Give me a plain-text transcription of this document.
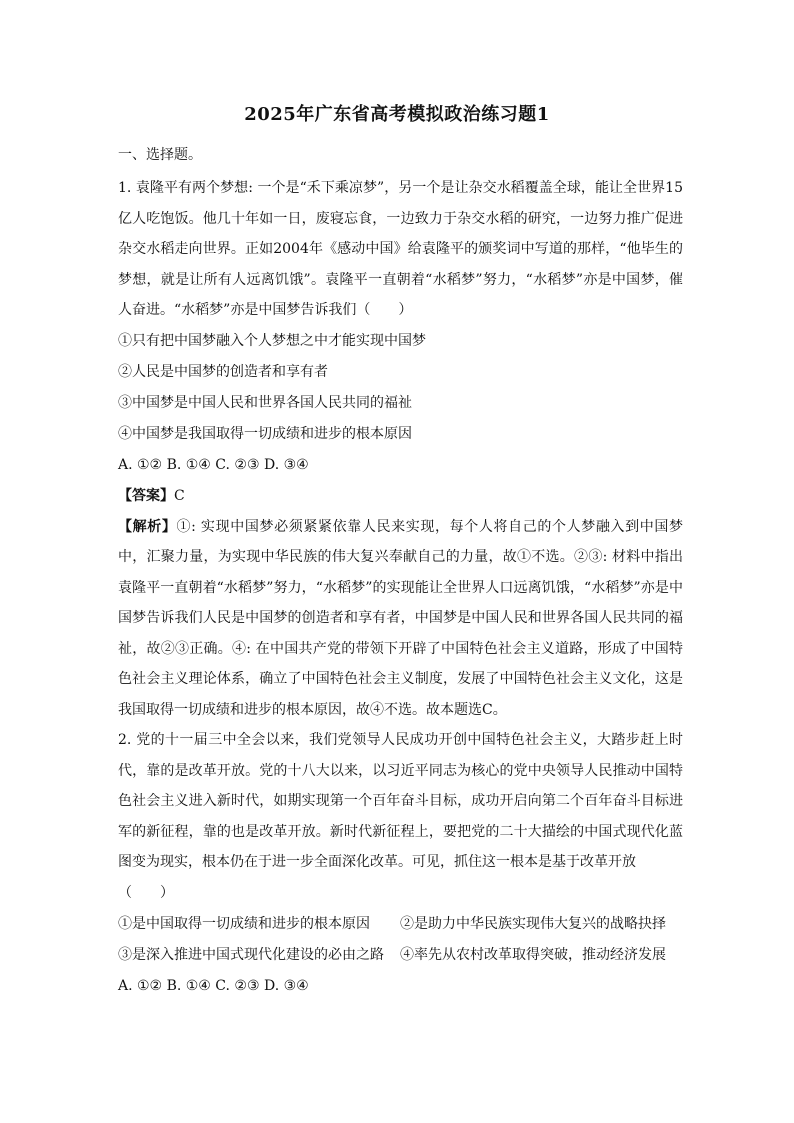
2025年广东省高考模拟政治练习题1

一、选择题。

1. 袁隆平有两个梦想: 一个是“禾下乘凉梦”，另一个是让杂交水稻覆盖全球，能让全世界15亿人吃饱饭。他几十年如一日，废寝忘食，一边致力于杂交水稻的研究，一边努力推广促进杂交水稻走向世界。正如2004年《感动中国》给袁隆平的颁奖词中写道的那样，“他毕生的梦想，就是让所有人远离饥饿”。袁隆平一直朝着“水稻梦”努力，“水稻梦”亦是中国梦，催人奋进。“水稻梦”亦是中国梦告诉我们（　　）

①只有把中国梦融入个人梦想之中才能实现中国梦

②人民是中国梦的创造者和享有者

③中国梦是中国人民和世界各国人民共同的福祉

④中国梦是我国取得一切成绩和进步的根本原因

A. ①② B. ①④ C. ②③ D. ③④

【答案】C

【解析】①: 实现中国梦必须紧紧依靠人民来实现，每个人将自己的个人梦融入到中国梦中，汇聚力量，为实现中华民族的伟大复兴奉献自己的力量，故①不选。②③: 材料中指出袁隆平一直朝着“水稻梦”努力，“水稻梦”的实现能让全世界人口远离饥饿，“水稻梦”亦是中国梦告诉我们人民是中国梦的创造者和享有者，中国梦是中国人民和世界各国人民共同的福祉，故②③正确。④: 在中国共产党的带领下开辟了中国特色社会主义道路，形成了中国特色社会主义理论体系，确立了中国特色社会主义制度，发展了中国特色社会主义文化，这是我国取得一切成绩和进步的根本原因，故④不选。故本题选C。

2. 党的十一届三中全会以来，我们党领导人民成功开创中国特色社会主义，大踏步赶上时代，靠的是改革开放。党的十八大以来，以习近平同志为核心的党中央领导人民推动中国特色社会主义进入新时代，如期实现第一个百年奋斗目标，成功开启向第二个百年奋斗目标进军的新征程，靠的也是改革开放。新时代新征程上，要把党的二十大描绘的中国式现代化蓝图变为现实，根本仍在于进一步全面深化改革。可见，抓住这一根本是基于改革开放

（　　）

①是中国取得一切成绩和进步的根本原因	②是助力中华民族实现伟大复兴的战略抉择

③是深入推进中国式现代化建设的必由之路	④率先从农村改革取得突破，推动经济发展

A. ①② B. ①④ C. ②③ D. ③④
